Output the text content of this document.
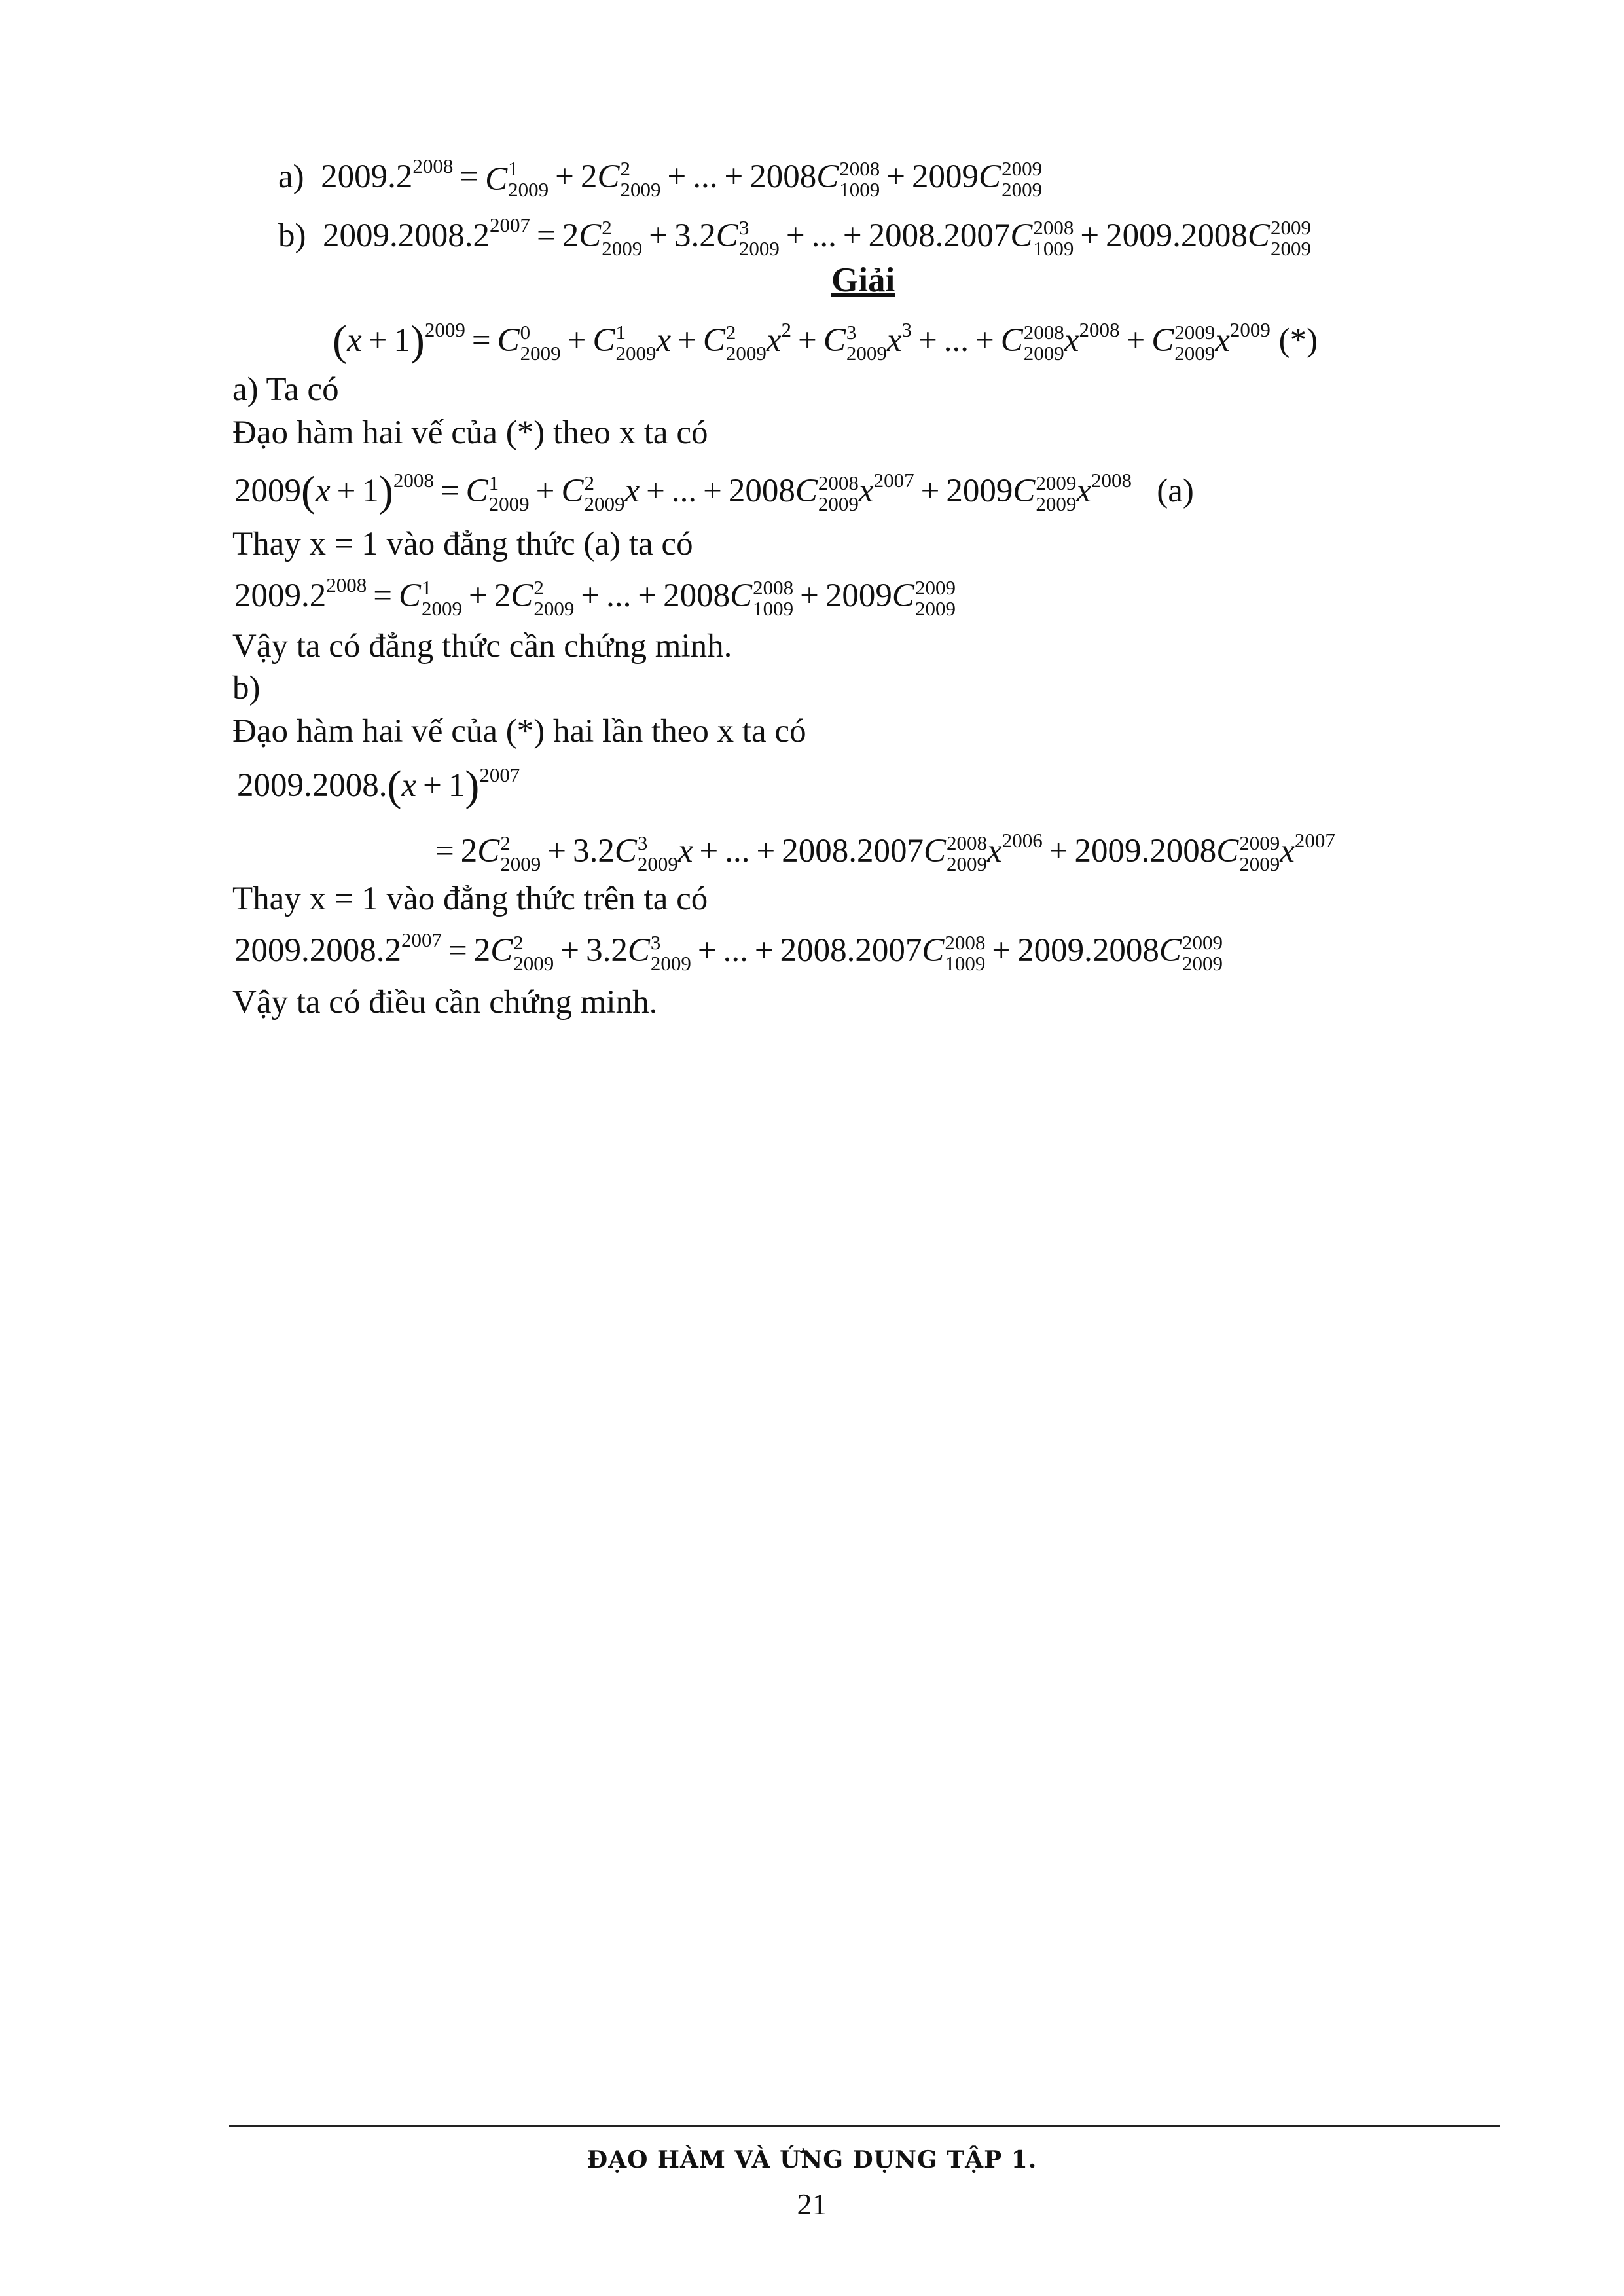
a)  $2009.2^{2008} = C$ 1
2009 + 2C 2
2009 + ... + 2008C 2008
1009 + 2009C 2009
2009
b)  $2009.2008.2^{2007} = 2C$ 2
2009 + 3.2C 3
2009 + ... + 2008.2007C 2008
1009 + 2009.2008C 2009
2009
Giải
$(x + 1)^{2009} = C$ 0
2009 + C 1
2009 x + C 2
2009 $x^2 + C$ 3
2009 $x^3$ + ... + C 2008
2009 $x^{2008} + C$ 2009
2009 $x^{2009}$ (*)
a) Ta có
Đạo hàm hai vế của (*) theo x ta có
$2009(x + 1)^{2008} = C$ 1
2009 + C 2
2009 x + ... + 2008C 2008
2009 $x^{2007} + 2009C$ 2009
2009 $x^{2008}$ (a)
Thay x = 1 vào đẳng thức (a) ta có
$2009.2^{2008} = C$ 1
2009 + 2C 2
2009 + ... + 2008C 2008
1009 + 2009C 2009
2009
Vậy ta có đẳng thức cần chứng minh.
b)
Đạo hàm hai vế của (*) hai lần theo x ta có
$2009.2008.(x + 1)^{2007}$
= 2C 2
2009 + 3.2C 3
2009 x + ... + 2008.2007C 2008
2009 $x^{2006} + 2009.2008C$ 2009
2009 $x^{2007}$
Thay x = 1 vào đẳng thức trên ta có
$2009.2008.2^{2007} = 2C$ 2
2009 + 3.2C 3
2009 + ... + 2008.2007C 2008
1009 + 2009.2008C 2009
2009
Vậy ta có điều cần chứng minh.
ĐẠO HÀM VÀ ỨNG DỤNG TẬP 1.
21
